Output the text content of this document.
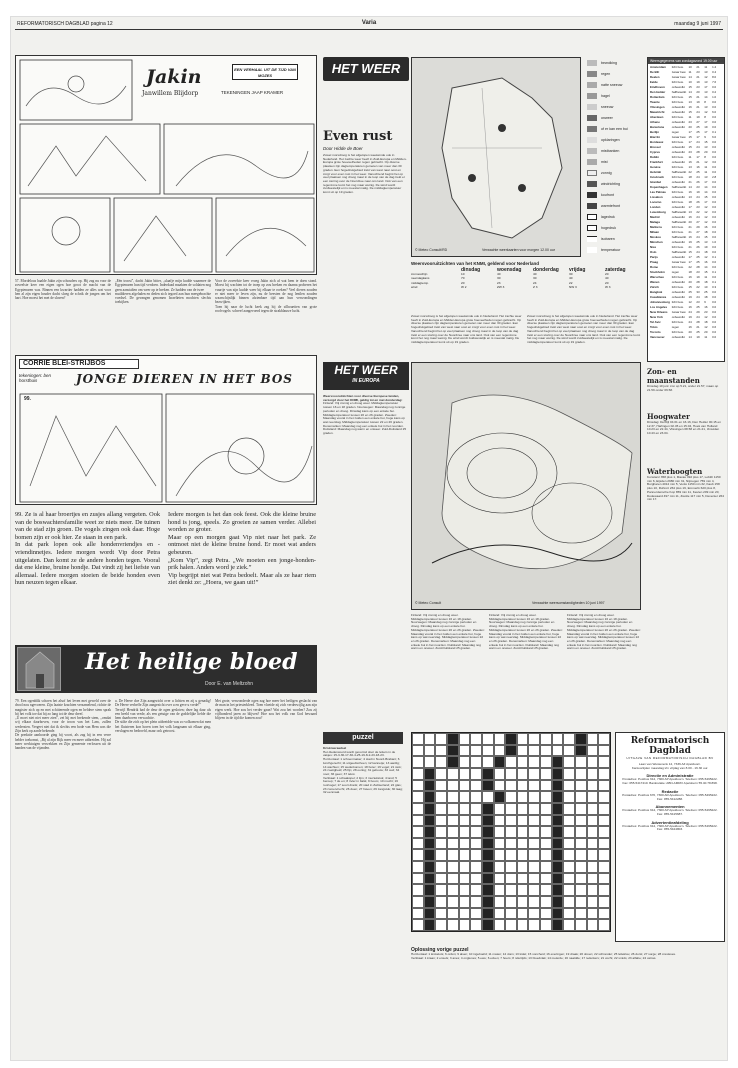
REFORMATORISCH DAGBLAD pagina 12	Varia	maandag 9 juni 1997
Jakin	EEN VERHAAL UIT DE TIJD VAN MOZES
Janwillem Blijdorp	TEKENINGEN JAAP KRAMER

57. Mordelous haalde Jakin zijn schouders op. Hij zag nu voor de zoveelste keer een eigen ogen hoe groot de macht van de Egyptenaren was. Binnen een kwartier hadden ze alles wat voor hen al zijn eigen houder dacht sloeg de schrik de jongen om het hart. Hoe moest het met de slaven?

„Eén troost”, dacht Jakin bitter, „slaafje mijn kudde waarmee de Egyptenaren hun tijd verdoen. Inderdaad maakten de soldaten nog geen aanstalten om weer op te breken. Ze hadden van de twee

muildieren afgeladen en deden zich tegoed aan hun meegebrachte voedsel. De gevangen genomen Israelieten mochten slechts toekijken.

Voor de zoveelste keer vroeg Jakin zich af wat hem te doen stond. Moest hij wachten tot de troep op zou breken en daarna proberen het vuurtje van zijn kudde weer bij elkaar te roeken? Veel dieren zouden er niet meer te leven zijn, nu de beesten de nog lentlen zouden waarschijnlijk binnen afzienbare tijd aan hun verwondingen bezwijken.

Toen hij naar de lucht keek zag hij de silhouetten van grote roofvogels: schreef aangevoerd tegen de strakblauwe lucht.

CORRIE BLEI-STRIJBOS
tekeningen: ben horsthuis	JONGE DIEREN IN HET BOS
99.

99. Ze is al haar broertjes en zusjes allang vergeten. Ook van de boswachtersfamilie weet ze niets meer. De tuinen van de stad zijn groen. De vogels zingen ook daar. Hoge bomen zijn er ook hier. Ze staan in een park.

In dat park lopen ook alle hondenvriendjes en -vriendinnetjes. Iedere morgen wordt Vip door Petra uitgelaten. Dan komt ze de andere honden tegen. Vooral dat ene kleine, bruine hondje. Dat vindt zij het liefste van allemaal. Iedere morgen stoeien de beide honden even hun neuzen tegen elkaar.

Iedere morgen is het dan ook feest. Ook die kleine bruine hond is jong, speels. Zo groeien ze samen verder. Allebei worden ze groter.

Maar op een morgen gaat Vip niet naar het park. Ze ontmoet niet de kleine bruine hond. Er moet wat anders gebeuren.

„Kom Vip”, zegt Petra. „We moeten een jonge-honden-prik halen. Anders word je ziek.”

Vip begrijpt niet wat Petra bedoelt. Maar als ze haar riem ziet denkt ze: „Hoera, we gaan uit!”

Het heilige bloed
Door E. van Meltzohn

79. Een ogenblik schoen het alsof het leven met geweld over de drool nou ngevoeren. Zijn laatste krachten verzamelend, richtte de magister zich op en met schitterende ogen en heldere stem sprak hij het volk toe dat hij zo lang tot de deur dreef.

„U moet niet niet meer zien”, zei hij met brekende stem, „omdat wij elkaar daarboven, voor de troon van het Lam, zullen wederzien. Vergeet niet dat ik slechts een bode van Hem was die Zijn kerk op aarde bekende.

De predatie aanhoorde ging hij voort, als zag hij in een verre helder toekomst, „Bij al zijn Rijk meer en meer uitbreiden. Hij zal meer werktuigen verwekken en Zijn gemeente verlossen uit de handen van de vijanden.

a. De Heere doe Zijn aangezicht over u lichten en zij u genadig! De Heere verheffe Zijn aangezicht over u en geve u vrede!”

Terwijl Hendrik bad de deur de ogen gesloten; deze lag daar als een beeld van vrede, als een getuige van de goddelijke liefde die hem daarboven verwachtte.

De stilte die zich op het plein uitbreidde was zo volkomen dat men het fluisteren kon horen toen het volk langzaam uit elkaar ging, verslagen en bedroefd, maar ook getroost.

Met grote, verwonderde ogen zag hoe meer het heiligen geslacht van de man in het priesterkleed. Toen vloeide zij zich verderwijlig aan zijn eigen werk. Hoe zou het verder gaan? Wat zou het worden? Zou zij vijfhonderd jaren zo blijven? Hoe zou het volk van God bewaard blijven in de tijd die komen zou?

HET WEER
Even rust
Door Hidde de Boer
Zowel morsdroog is het afgelopen weekeinde ook in Nederland. Het zachte weer heeft in Zuid-Europa en Midden-Europa grote hoeveelheden regen gebracht. Op diverse plaatsen zijn dagtemperaturen gemeten van meer dan 30 graden. Een hogedrukgebied trekt van west naar oost en zorgt voor even rust in het weer. Vanochtend begint het op veel plaatsen nog droog maar in de loop van de dag trekt er een storing over de Noordzee naar ons land. Ook van een regenzone komt het nog maar weinig. De wind wordt zuidwestelijk en is meestal matig. De middagtemperatuur komt uit op 19 graden.
© Meteo Consult/RD	Verwachte weerkaarten voor morgen 12.00 uur
bewolking
regen
natte sneeuw
hagel
sneeuw
onweer
of er kan een bui
opklaringen
mistbanken
mist
zonnig
windrichting
koufront
warmtefront
lagedruk
hogedruk
isobaren
temperatuur
Weersvooruitzichten van het KNMI, geldend voor Nederland
dinsdag	woensdag	donderdag	vrijdag	zaterdag
zonneschijn	10	40	40	30	20
neerslagkans	70	30	30	40	40
middagtemp.	20	23	24	22	20
wind	W 2	ZW 3	Z 3	NW 3	W 3
Zowel morsdroog is het afgelopen weekeinde ook in Nederland. Het zachte weer heeft in Zuid-Europa en Midden-Europa grote hoeveelheden regen gebracht. Op diverse plaatsen zijn dagtemperaturen gemeten van meer dan 30 graden. Een hogedrukgebied trekt van west naar oost en zorgt voor even rust in het weer. Vanochtend begint het op veel plaatsen nog droog maar in de loop van de dag trekt er een storing over de Noordzee naar ons land. Ook van een regenzone komt het nog maar weinig. De wind wordt zuidwestelijk en is meestal matig. De middagtemperatuur komt uit op 19 graden.
Zowel morsdroog is het afgelopen weekeinde ook in Nederland. Het zachte weer heeft in Zuid-Europa en Midden-Europa grote hoeveelheden regen gebracht. Op diverse plaatsen zijn dagtemperaturen gemeten van meer dan 30 graden. Een hogedrukgebied trekt van west naar oost en zorgt voor even rust in het weer. Vanochtend begint het op veel plaatsen nog droog maar in de loop van de dag trekt er een storing over de Noordzee naar ons land. Ook van een regenzone komt het nog maar weinig. De wind wordt zuidwestelijk en is meestal matig. De middagtemperatuur komt uit op 19 graden.
HET WEER
IN EUROPA

Weersvooruitzichten voor diverse Europese landen, verzorgd door het KNMI, geldig tot en met donderdag:

Finland: Vrij zonnig en droog weer. Middagtemperatuur tussen 16 en 18 graden. Noorwegen: Maandag nog zonnige perioden en droog. Dinsdag kans op een enkele bui. Middagtemperatuur tussen 20 en 26 graden. Zweden: Maandag vooral in het zuiden een enkele bui, hoge kans op wat neerslag. Middagtemperatuur tussen 22 en 26 graden. Denemarken: Maandag nog een enkele bui in het noorden. Duitsland: Maandag nog warm en onweer. Zuid-Duitsland 25 graden.

© Meteo Consult	Verwachte weersomstandigheden 10 juni 1997
Finland: Vrij zonnig en droog weer. Middagtemperatuur tussen 16 en 18 graden. Noorwegen: Maandag nog zonnige perioden en droog. Dinsdag kans op een enkele bui. Middagtemperatuur tussen 20 en 26 graden. Zweden: Maandag vooral in het zuiden een enkele bui, hoge kans op wat neerslag. Middagtemperatuur tussen 22 en 26 graden. Denemarken: Maandag nog een enkele bui in het noorden. Duitsland: Maandag nog warm en onweer. Zuid-Duitsland 25 graden.
Finland: Vrij zonnig en droog weer. Middagtemperatuur tussen 16 en 18 graden. Noorwegen: Maandag nog zonnige perioden en droog. Dinsdag kans op een enkele bui. Middagtemperatuur tussen 20 en 26 graden. Zweden: Maandag vooral in het zuiden een enkele bui, hoge kans op wat neerslag. Middagtemperatuur tussen 22 en 26 graden. Denemarken: Maandag nog een enkele bui in het noorden. Duitsland: Maandag nog warm en onweer. Zuid-Duitsland 25 graden.
Finland: Vrij zonnig en droog weer. Middagtemperatuur tussen 16 en 18 graden. Noorwegen: Maandag nog zonnige perioden en droog. Dinsdag kans op een enkele bui. Middagtemperatuur tussen 20 en 26 graden. Zweden: Maandag vooral in het zuiden een enkele bui, hoge kans op wat neerslag. Middagtemperatuur tussen 22 en 26 graden. Denemarken: Maandag nog een enkele bui in het noorden. Duitsland: Maandag nog warm en onweer. Zuid-Duitsland 25 graden.
Weersgegevens van zondagavond 19.00 uur
Amsterdam	licht bew.	10	21	11	1.4
De Bilt	zwaar bew. 11	23	13	0.4
Deelen	zwaar bew. 14	21	12	8.0
Eelde	licht bew.	10	19	13	7.6
Eindhoven	onbewolkt	15	23	17	0.0
Den Helder	halfbewolkt 14	20	13	0.2
Rotterdam	licht bew.	15	21	14	1.0
Twente	licht bew.	13	19	8	0.0
Vlissingen	onbewolkt	16	21	13	0.0
Maastricht	onbewolkt	15	24	12	6.0
Aberdeen	licht bew.	11	19	8	0.0
Athene	onbewolkt	23	27	17	0.0
Barcelona	onbewolkt	20	25	19	0.0
Berlijn	regen	17	25	17	0.1
Biarritz	zwaar bew. 15	17	9	6.0
Bordeaux	licht bew.	17	24	15	0.0
Brussel	onbewolkt	15	24	13	0.0
Cyprus	onbewolkt	23	28	20	0.0
Dublin	licht bew.	11	17	8	0.0
Frankfurt	onbewolkt	16	21	12	3.0
Genève	licht bew.	13	16	11	0.0
Helsinki	halfbewolkt 22	25	11	0.0
Innsbruck	licht bew.	18	24	13	2.8
Istanbul	onbewolkt	21	26	17	0.0
Kopenhagen	halfbewolkt 14	23	14	0.0
Las Palmas	licht bew.	16	19	14	0.0
Lissabon	onbewolkt	13	24	15	0.0
Locarno	licht bew.	18	26	17	0.0
Londen	onbewolkt	17	23	12	0.0
Luxemburg	halfbewolkt 13	22	12	0.0
Madrid	onbewolkt	16	24	12	0.0
Malaga	halfbewolkt 20	27	12	0.0
Mallorca	licht bew.	21	29	16	0.0
Milaan	licht bew.	21	27	18	0.0
Moskou	halfbewolkt 16	24	15	0.0
München	onbewolkt	19	25	13	1.0
Nice	licht bew.	21	26	19	0.0
Oslo	halfbewolkt 15	24	18	0.0
Parijs	onbewolkt	17	25	12	0.1
Praag	zwaar bew. 17	25	16	0.0
Rome	licht bew.	22	28	14	0.0
Stockholm	regen	18	23	15	0.1
Warschau	licht bew.	16	19	11	0.0
Wenen	onbewolkt	20	28	18	0.1
Zürich	licht bew.	15	22	10	0.3
Bangkok	onbewolkt	25	33	25	0.0
Casablanca	onbewolkt	19	24	18	0.0
Johannesburg licht bew.	12	23	6	0.0
Los Angeles	licht bew.	16	25	16	0.0
New Orleans	zwaar bew. 24	29	23	0.0
New York	onbewolkt	19	24	12	0.0
Tel Aviv	licht bew.	24	28	18	0.0
Tokio	regen	16	21	12	0.6
Toronto	licht bew.	20	25	20	0.0
Vancouver	onbewolkt	14	19	11	0.0
Zon- en maanstanden
Dinsdag 10 juni: zon op 5.21, onder 21.57; maan op 21.59 onder 06.58.
Hoogwater
Dinsdag: Delfzijl 04.01 en 16.16, Den Helder 00.15 en 12.37, Harlingen 02.45 en 15.04, Hoek van Holland 10.23 en 22.44, Vlissingen 08.58 en 21.21, IJmuiden 10.43 en 23.04.
Waterhoogten
Konstanz 358 plus 1, Maxau 492 plus 17, Lobith 1150 min 6, Eijsden 2980 min 31, Nijmegen 759 min 4, Borgharen 4012 min 5, Venlo 1150 min 32, Kaub 158 plus 10, Ruhrort 264 plus 19, Emmerik 620 plus 8, Pannerdensche Kop 859 min 11, Keulen 209 min 20, Dodewaard 497 min 11, Zwolle 117 min 5, Deventer 264 min 17.
puzzel

Kriskrasraadsel

Het diederwoord wordt gevormd door de letters in de vakjes: 15-3-36-17-30-4-25-19-8-2-23-18-23.

Horizontaal: 1 schoenmaker; 4 stad in Noord-Brabant; 6 lunchgerecht; 11 uitgeeltschoen; 12 kannetje; 13 aardig; 14 wachten; 15 wederkomen; 18 boter; 19 vogel; 21 stok; 24 zoetigheid; 25 fijn; 28 oorlog; 31 gebouw; 33 oud; 34 noot; 36 geen; 37 tekst.

Vertikaal: 1 schaakspel; 2 lijm; 3 muziekstuk; 4 land; 5 beroep; 7 de en; 8 rivier in Italië; 9 boom; 10 mocht; 16 roofvogel; 17 soort drank; 20 stad in Zwitserland; 22 glas; 23 zomervrucht; 26 doen; 27 haven; 29 zangstuk; 30 laag; 32 eenmaal.

Oplossing vorige puzzel
Horizontaal: 1 krokelots; 6 ordén; 9 alsen; 10 ingeboëld; 11 maten; 12 vlam; 13 kidet; 15 voncheid; 16 everingen; 19 draak; 20 doven; 22 schrander; 25 lelieklou; 26 dorst; 27 sorge; 28 cresleses.
Vertikaal: 1 kraan; 2 ensels; 3 anes; 4 onglenes; 5 ewe; 6 ecken; 7 hoers; 8 ndertijds; 13 bloedvlak; 14 melerde; 16 naaldde; 17 rederkers; 21 vocht; 22 smids; 23 alfabe; 24 ostras.
Reformatorisch Dagblad
UITGAVE VAN REFORMATORISCH DAGBLAD BV
Laan van Westenenk 12, 7336 AZ Apeldoorn.
Kantoortijden maandag t/m vrijdag van 8.00 - 16.30 uur.
Directie en Administratie
Postadres: Postbus 612, 7300 AP Apeldoorn. Telefoon: 055-5495222. Fax: 055-5417410. Bankrelatie: ABN-AMRO Apeldoorn 55.40.78.898.
Redactie
Postadres: Postbus 670, 7300 AR Apeldoorn. Telefoon: 055-5495222. Fax: 055-5412288.
Abonnementen
Postadres: Postbus 612, 7300 AP Apeldoorn. Telefoon: 055-5495222. Fax: 055-5415687.
Advertentieafdeling
Postadres: Postbus 612, 7300 AP Apeldoorn. Telefoon: 055-5495222. Fax: 055-5424803.
